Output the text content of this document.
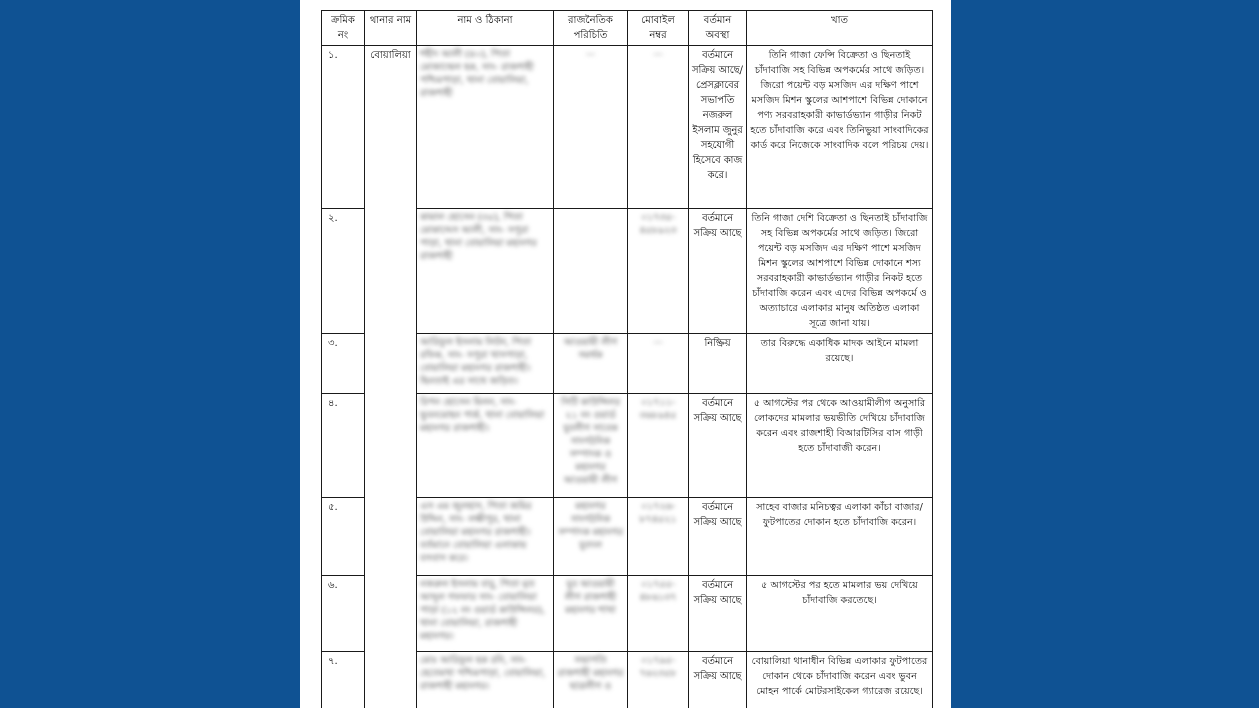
ক্রমিক নং	থানার নাম	নাম ও ঠিকানা	রাজনৈতিক পরিচিতি	মোবাইল নম্বর	বর্তমান অবস্থা	খাত
১.	বোয়ালিয়া	শহীদ আলী (৪০), পিতা মোজাম্মেল হক, সাং- রাজশাহী পশ্চিমপাড়া, থানা বোয়ালিয়া, রাজশাহী	—	—	বর্তমানে সক্রিয় আছে/ প্রেসক্লাবের সভাপতি নজরুল ইসলাম জুনুর সহযোগী হিসেবে কাজ করে।	তিনি গাজা ফেন্সি বিক্রেতা ও ছিনতাই চাঁদাবাজি সহ বিভিন্ন অপকর্মের সাথে জড়িত। জিরো পয়েন্ট বড় মসজিদ এর দক্ষিণ পাশে মসজিদ মিশন স্কুলের আশপাশে বিভিন্ন দোকানে পণ্য সরবরাহকারী কাভার্ডভ্যান গাড়ীর নিকট হতে চাঁদাবাজি করে এবং তিনিভুয়া সাংবাদিকের কার্ড করে নিজেকে সাংবাদিক বলে পরিচয় দেয়।
২.		কামাল হোসেন (৩৫), পিতা মোকাদ্দেস আলী, সাং- সপুরা পাড়া, থানা বোয়ালিয়া মহানগর রাজশাহী		০১৭৩৫- ৪৫৮৯২৩	বর্তমানে সক্রিয় আছে	তিনি গাজা দেশি বিক্রেতা ও ছিনতাই চাঁদাবাজি সহ বিভিন্ন অপকর্মের সাথে জড়িত। জিরো পয়েন্ট বড় মসজিদ এর দক্ষিণ পাশে মসজিদ মিশন স্কুলের আশপাশে বিভিন্ন দোকানে শস্য সরবরাহকারী কাভার্ডভ্যান গাড়ীর নিকট হতে চাঁদাবাজি করেন এবং এদের বিভিন্ন অপকর্মে ও অত্যাচারে এলাকার মানুষ অতিষ্ঠত এলাকা সূত্রে জানা যায়।
৩.		আরিফুল ইসলাম লিটন, পিতা রফিক, সাং- সপুরা খাসপাড়া, বোয়ালিয়া মহানগর রাজশাহী। ছিনতাই এর সাথে জড়িত।	আওয়ামী লীগ সমর্থক	—	নিষ্ক্রিয়	তার বিরুদ্ধে একাধিক মাদক আইনে মামলা রয়েছে।
৪.		রিপন হোসেন মিলন, সাং- ভুবনমোহন পার্ক, থানা বোয়ালিয়া মহানগর রাজশাহী।	সিটি কাউন্সিলর ২১ নং ওয়ার্ড যুবলীগ সাবেক সাংগঠনিক সম্পাদক ও মহানগর আওয়ামী লীগ	০১৭১১- ৩৬৮৯৪৫	বর্তমানে সক্রিয় আছে	৫ আগস্টের পর থেকে আওয়ামীলীগ অনুসারি লোকদের মামলার ভয়ভীতি দেখিয়ে চাঁদাবাজি করেন এবং রাজশাহী বিআরটিসির বাস গাড়ী হতে চাঁদাবাজী করেন।
৫.		এস এম জুলহাস, পিতা জমির উদ্দিন, সাং- লক্ষীপুর, থানা বোয়ালিয়া মহানগর রাজশাহী। বর্তমানে বোয়ালিয়া এলাকায় বসবাস করে।	মহানগর সাংগঠনিক সম্পাদক মহানগর যুবদল	০১৭২৬- ৮৭৪৫২১	বর্তমানে সক্রিয় আছে	সাহেব বাজার মনিচত্বর এলাকা কাঁচা বাজার/ফুটপাতের দোকান হতে চাঁদাবাজি করেন।
৬.		নজরুল ইসলাম বাবু, পিতা মৃত আব্দুল গফফার সাং- বোয়ালিয়া পাড়া (১২ নং ওয়ার্ড কাউন্সিলর), থানা বোয়ালিয়া, রাজশাহী মহানগর।	যুব আওয়ামী লীগ রাজশাহী মহানগর শাখা	০১৭৫৫- ৪৮৬১৩৭	বর্তমানে সক্রিয় আছে	৫ আগস্টের পর হতে মামলার ভয় দেখিয়ে চাঁদাবাজি করতেছে।
৭.		মোঃ আরিফুল হক রনি, সাং- হেতেমখা পশ্চিমপাড়া, বোয়ালিয়া, রাজশাহী মহানগর।	সভাপতি রাজশাহী মহানগর ছাত্রলীগ ও	০১৭৯৫- ৭৬২৩৫৮	বর্তমানে সক্রিয় আছে	বোয়ালিয়া থানাধীন বিভিন্ন এলাকার ফুটপাতের দোকান থেকে চাঁদাবাজি করেন এবং ভুবন মোহন পার্কে মোটরসাইকেল গ্যারেজ রয়েছে।
